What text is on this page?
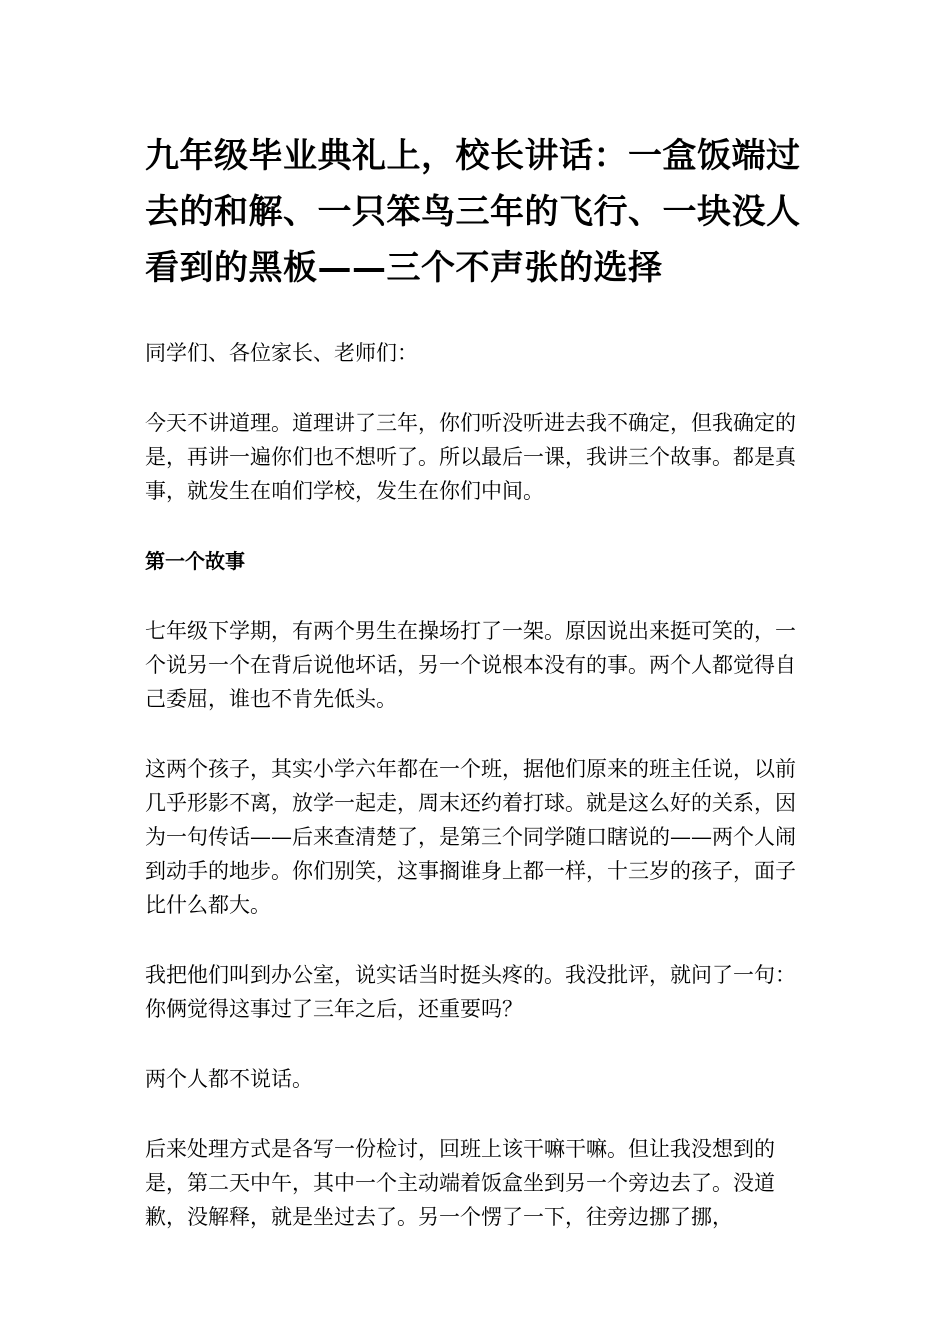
九年级毕业典礼上，校长讲话：一盒饭端过去的和解、一只笨鸟三年的飞行、一块没人看到的黑板——三个不声张的选择

同学们、各位家长、老师们：

今天不讲道理。道理讲了三年，你们听没听进去我不确定，但我确定的是，再讲一遍你们也不想听了。所以最后一课，我讲三个故事。都是真事，就发生在咱们学校，发生在你们中间。

第一个故事

七年级下学期，有两个男生在操场打了一架。原因说出来挺可笑的，一个说另一个在背后说他坏话，另一个说根本没有的事。两个人都觉得自己委屈，谁也不肯先低头。

这两个孩子，其实小学六年都在一个班，据他们原来的班主任说，以前几乎形影不离，放学一起走，周末还约着打球。就是这么好的关系，因为一句传话——后来查清楚了，是第三个同学随口瞎说的——两个人闹到动手的地步。你们别笑，这事搁谁身上都一样，十三岁的孩子，面子比什么都大。

我把他们叫到办公室，说实话当时挺头疼的。我没批评，就问了一句：你俩觉得这事过了三年之后，还重要吗？

两个人都不说话。

后来处理方式是各写一份检讨，回班上该干嘛干嘛。但让我没想到的是，第二天中午，其中一个主动端着饭盒坐到另一个旁边去了。没道歉，没解释，就是坐过去了。另一个愣了一下，往旁边挪了挪，
